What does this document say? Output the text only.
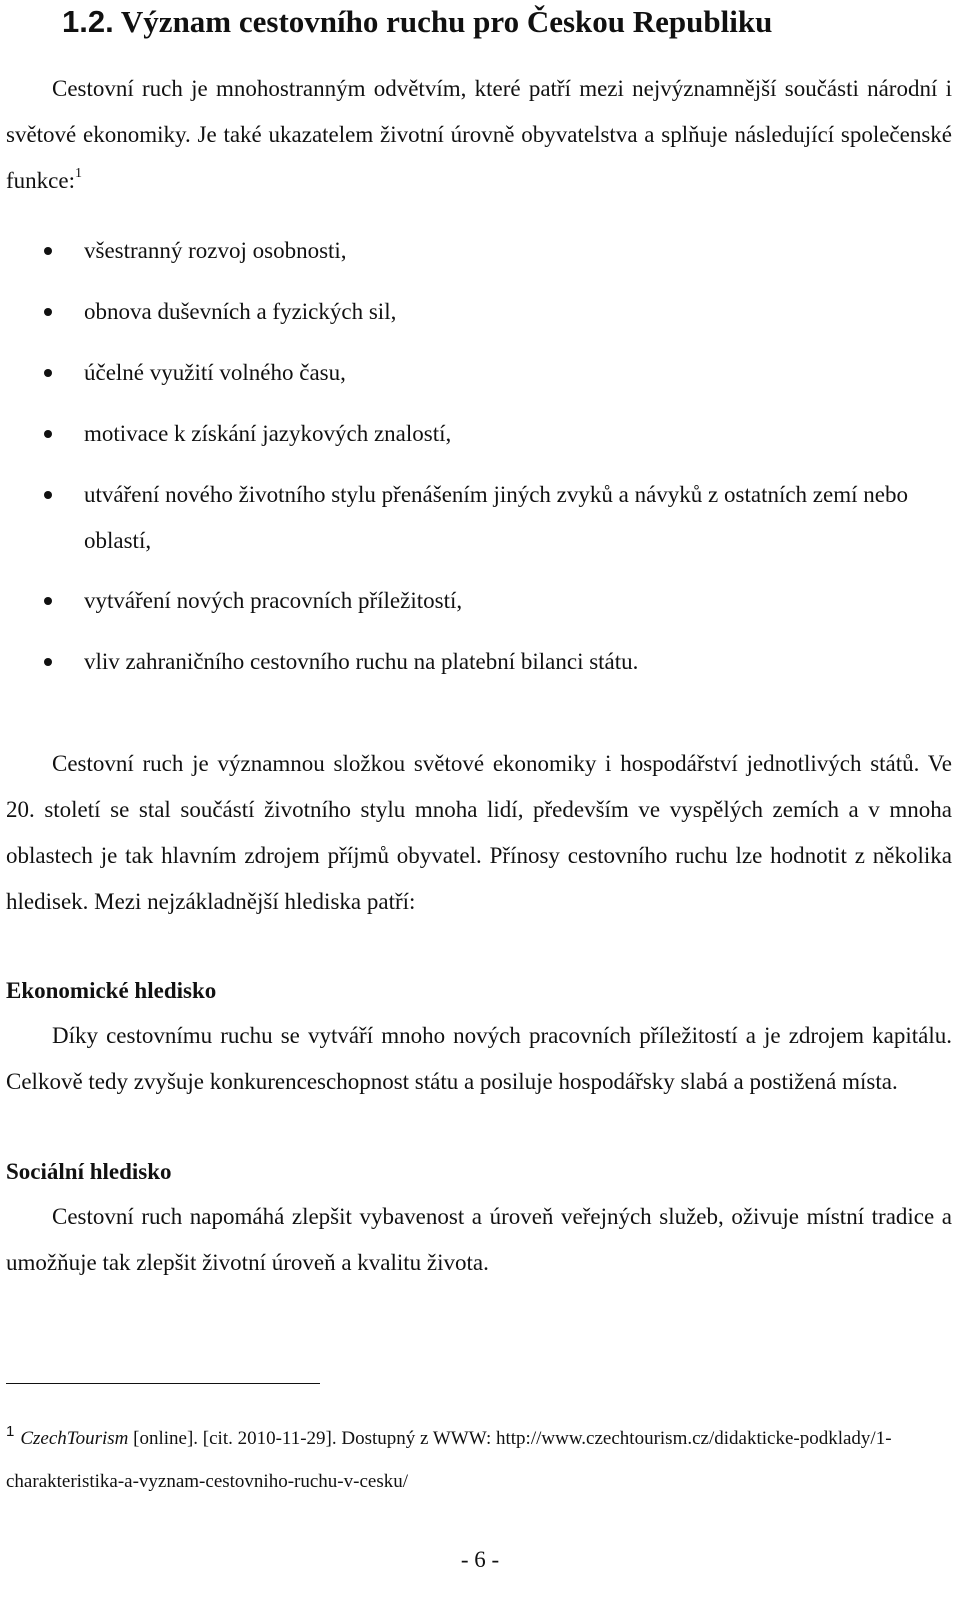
1.2. Význam cestovního ruchu pro Českou Republiku

Cestovní ruch je mnohostranným odvětvím, které patří mezi nejvýznamnější součásti národní i světové ekonomiky. Je také ukazatelem životní úrovně obyvatelstva a splňuje následující společenské funkce:$^1$

všestranný rozvoj osobnosti,
obnova duševních a fyzických sil,
účelné využití volného času,
motivace k získání jazykových znalostí,
utváření nového životního stylu přenášením jiných zvyků a návyků z ostatních zemí nebo oblastí,
vytváření nových pracovních příležitostí,
vliv zahraničního cestovního ruchu na platební bilanci státu.

Cestovní ruch je významnou složkou světové ekonomiky i hospodářství jednotlivých států. Ve 20. století se stal součástí životního stylu mnoha lidí, především ve vyspělých zemích a v mnoha oblastech je tak hlavním zdrojem příjmů obyvatel. Přínosy cestovního ruchu lze hodnotit z několika hledisek. Mezi nejzákladnější hlediska patří:

Ekonomické hledisko

Díky cestovnímu ruchu se vytváří mnoho nových pracovních příležitostí a je zdrojem kapitálu. Celkově tedy zvyšuje konkurenceschopnost státu a posiluje hospodářsky slabá a postižená místa.

Sociální hledisko

Cestovní ruch napomáhá zlepšit vybavenost a úroveň veřejných služeb, oživuje místní tradice a umožňuje tak zlepšit životní úroveň a kvalitu života.

$^1$ CzechTourism [online]. [cit. 2010-11-29]. Dostupný z WWW: http://www.czechtourism.cz/didakticke-podklady/1-charakteristika-a-vyznam-cestovniho-ruchu-v-cesku/

- 6 -
